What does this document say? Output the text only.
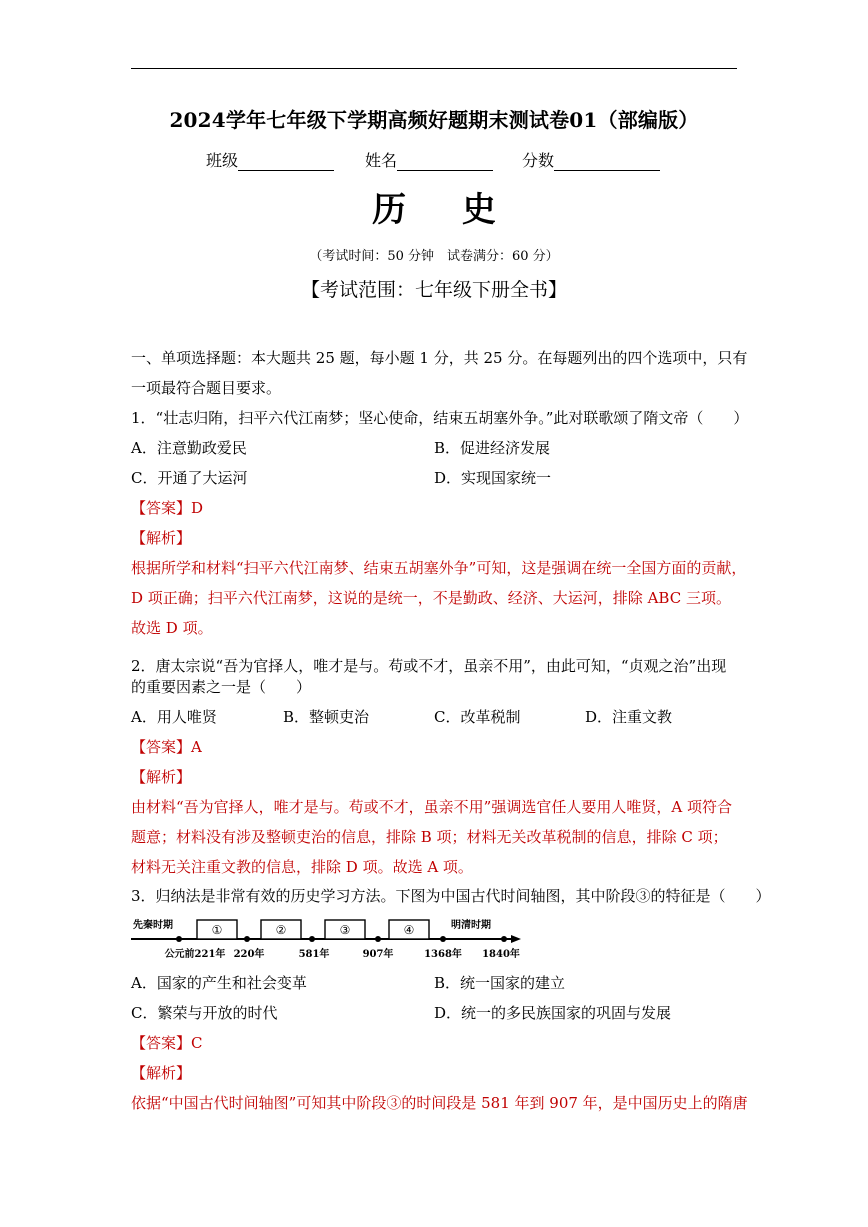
2024学年七年级下学期高频好题期末测试卷01（部编版）
班级	姓名	分数
历 史
（考试时间：50 分钟　试卷满分：60 分）
【考试范围：七年级下册全书】
一、单项选择题：本大题共 25 题，每小题 1 分，共 25 分。在每题列出的四个选项中，只有
一项最符合题目要求。
1．“壮志归陏，扫平六代江南梦；坚心使命，结束五胡塞外争。”此对联歌颂了隋文帝（　　）
A．注意勤政爱民	B．促进经济发展
C．开通了大运河	D．实现国家统一
【答案】D
【解析】
根据所学和材料“扫平六代江南梦、结束五胡塞外争”可知，这是强调在统一全国方面的贡献，
D 项正确；扫平六代江南梦，这说的是统一，不是勤政、经济、大运河，排除 ABC 三项。
故选 D 项。
2．唐太宗说“吾为官择人，唯才是与。苟或不才，虽亲不用”，由此可知，“贞观之治”出现
的重要因素之一是（　　）
A．用人唯贤	B．整顿吏治	C．改革税制	D．注重文教
【答案】A
【解析】
由材料“吾为官择人，唯才是与。苟或不才，虽亲不用”强调选官任人要用人唯贤，A 项符合
题意；材料没有涉及整顿吏治的信息，排除 B 项；材料无关改革税制的信息，排除 C 项；
材料无关注重文教的信息，排除 D 项。故选 A 项。
3．归纳法是非常有效的历史学习方法。下图为中国古代时间轴图，其中阶段③的特征是（　　）
先秦时期	明清时期
①	②	③	④
公元前221年 220年	581年	907年	1368年 1840年
A．国家的产生和社会变革	B．统一国家的建立
C．繁荣与开放的时代	D．统一的多民族国家的巩固与发展
【答案】C
【解析】
依据“中国古代时间轴图”可知其中阶段③的时间段是 581 年到 907 年，是中国历史上的隋唐
